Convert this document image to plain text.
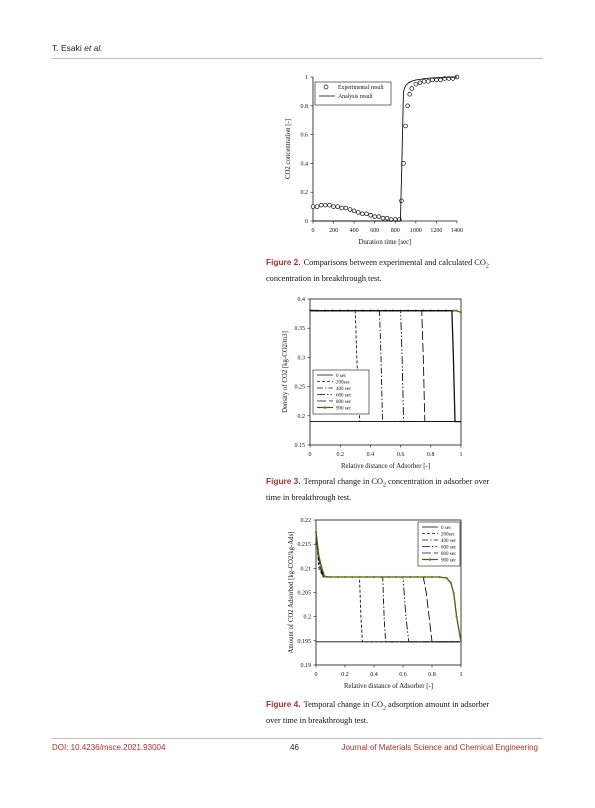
T. Esaki et al.
0 200 400 600 800 1000 1200 1400
0
0.2
0.4
0.6
0.8
1
Duration time [sec]
CO2 concentration [-]
Experimental result
Analysis result
Figure 2. Comparisons between experimental and calculated $CO_2$ concentration in breakthrough test.
0	0.2	0.4	0.6	0.8	1
0.15
0.2
0.25
0.3
0.35
0.4
Relative distance of Adsorber [-]
Density of CO2 [kg-CO2/m3]	0 sec
200sec
400 sec
600 sec
800 sec
900 sec
Figure 3. Temporal change in $CO_2$ concentration in adsorber over time in breakthrough test.
0	0.2	0.4	0.6	0.8	1
0.19
0.195
0.2
0.205
0.21
0.215
0.22
Relative distance of Adsorber [-]
Amount of CO2 Adsorbed [kg-CO2/kg-Ads]
0 sec
200sec
400 sec
600 sec
800 sec
900 sec
Figure 4. Temporal change in $CO_2$ adsorption amount in adsorber over time in breakthrough test.
DOI: 10.4236/msce.2021.93004	46	Journal of Materials Science and Chemical Engineering
